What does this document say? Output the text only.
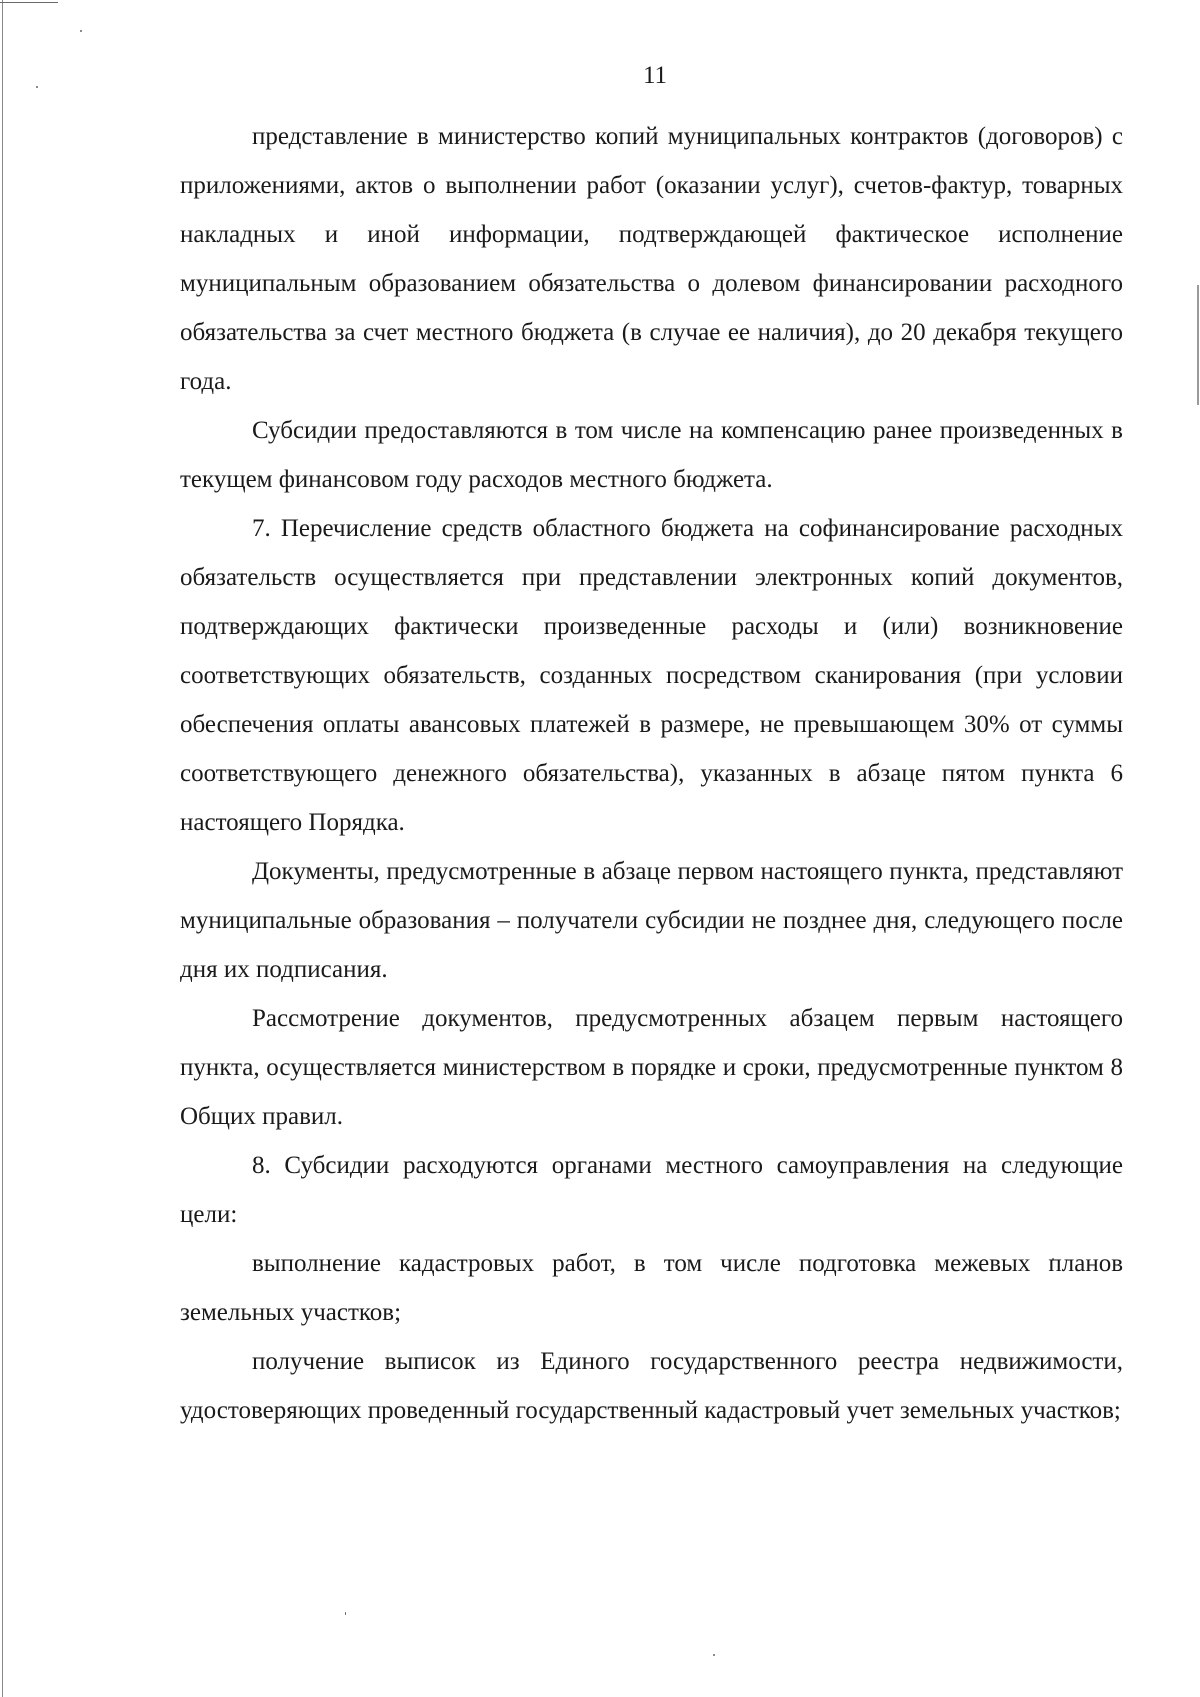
11

представление в министерство копий муниципальных контрактов (договоров) с приложениями, актов о выполнении работ (оказании услуг), счетов-фактур, товарных накладных и иной информации, подтверждающей фактическое исполнение муниципальным образованием обязательства о долевом финансировании расходного обязательства за счет местного бюджета (в случае ее наличия), до 20 декабря текущего года.

Субсидии предоставляются в том числе на компенсацию ранее произведенных в текущем финансовом году расходов местного бюджета.

7. Перечисление средств областного бюджета на софинансирование расходных обязательств осуществляется при представлении электронных копий документов, подтверждающих фактически произведенные расходы и (или) возникновение соответствующих обязательств, созданных посредством сканирования (при условии обеспечения оплаты авансовых платежей в размере, не превышающем 30% от суммы соответствующего денежного обязательства), указанных в абзаце пятом пункта 6 настоящего Порядка.

Документы, предусмотренные в абзаце первом настоящего пункта, представляют муниципальные образования – получатели субсидии не позднее дня, следующего после дня их подписания.

Рассмотрение документов, предусмотренных абзацем первым настоящего пункта, осуществляется министерством в порядке и сроки, предусмотренные пунктом 8 Общих правил.

8. Субсидии расходуются органами местного самоуправления на следующие цели:

выполнение кадастровых работ, в том числе подготовка межевых планов земельных участков;

получение выписок из Единого государственного реестра недвижимости, удостоверяющих проведенный государственный кадастровый учет земельных участков;
